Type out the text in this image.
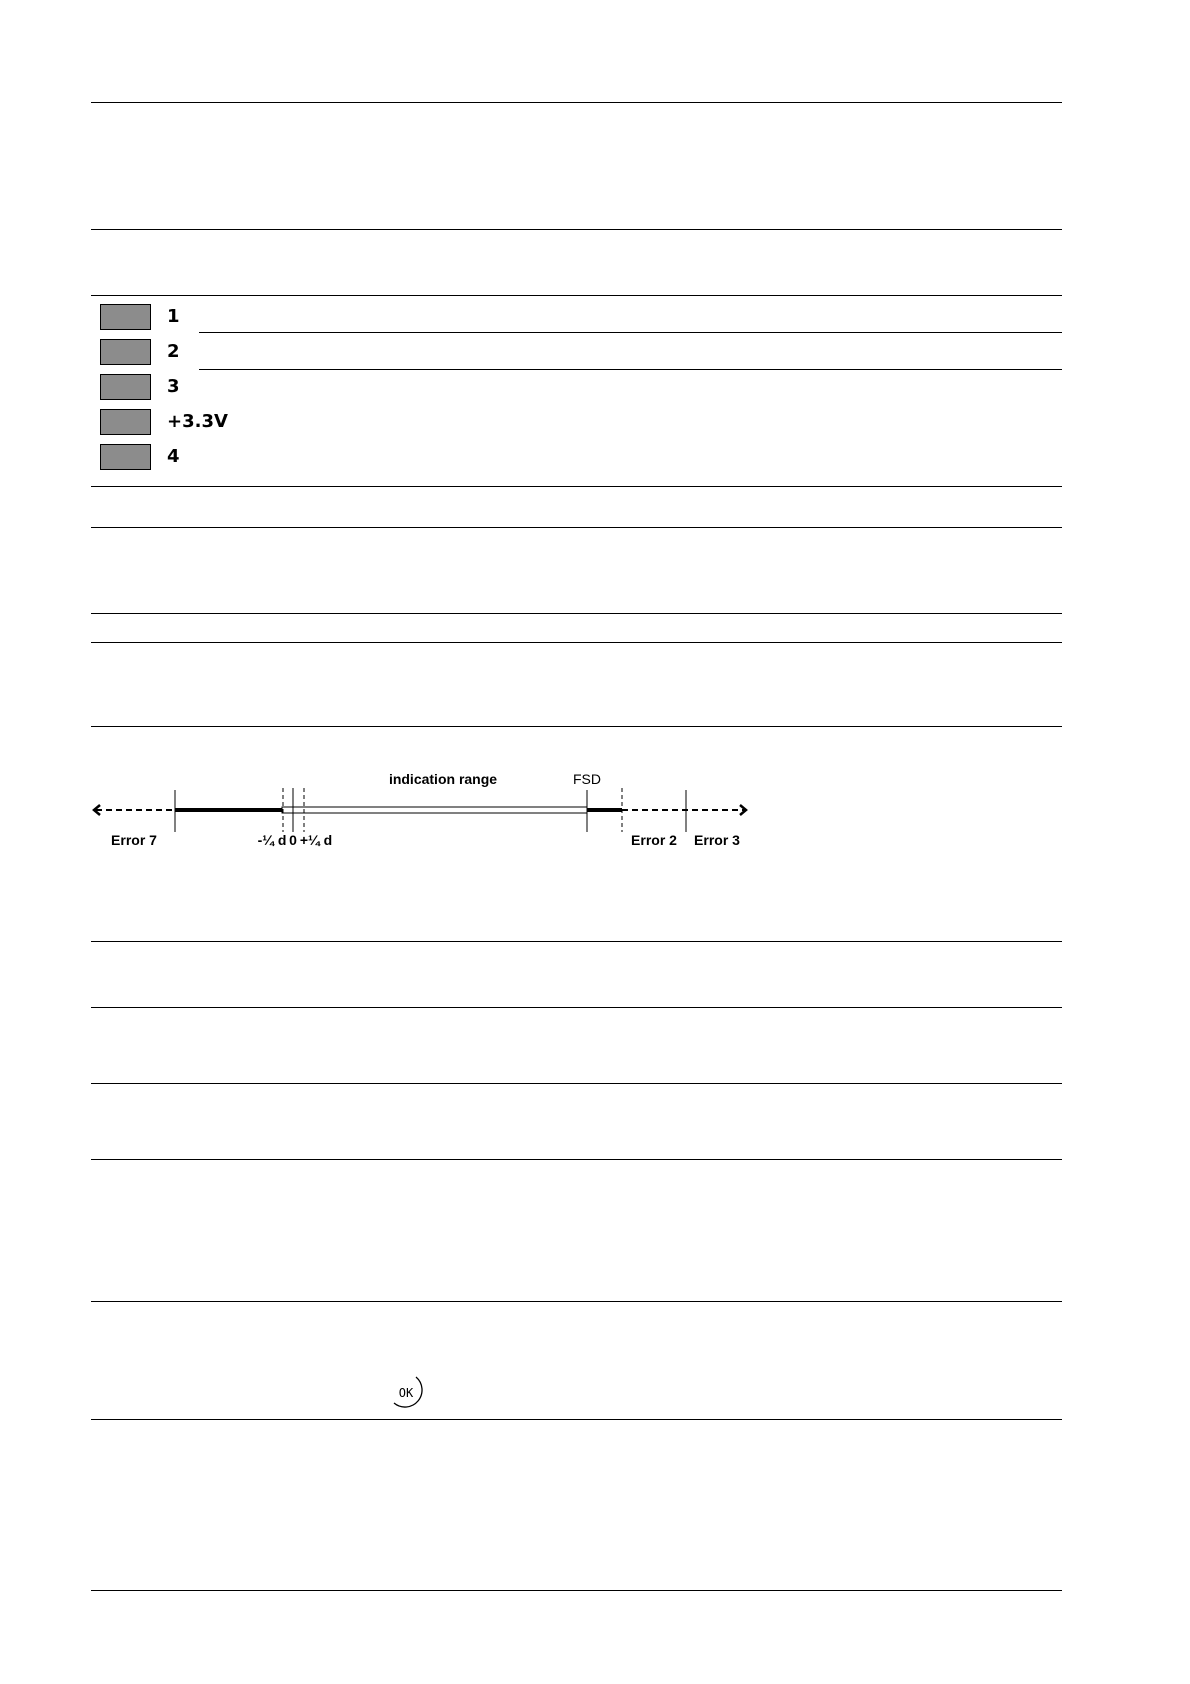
1
2
3
+3.3V
4
indication range	FSD
Error 7	-¼ d 0 +¼ d	Error 2 Error 3
OK
